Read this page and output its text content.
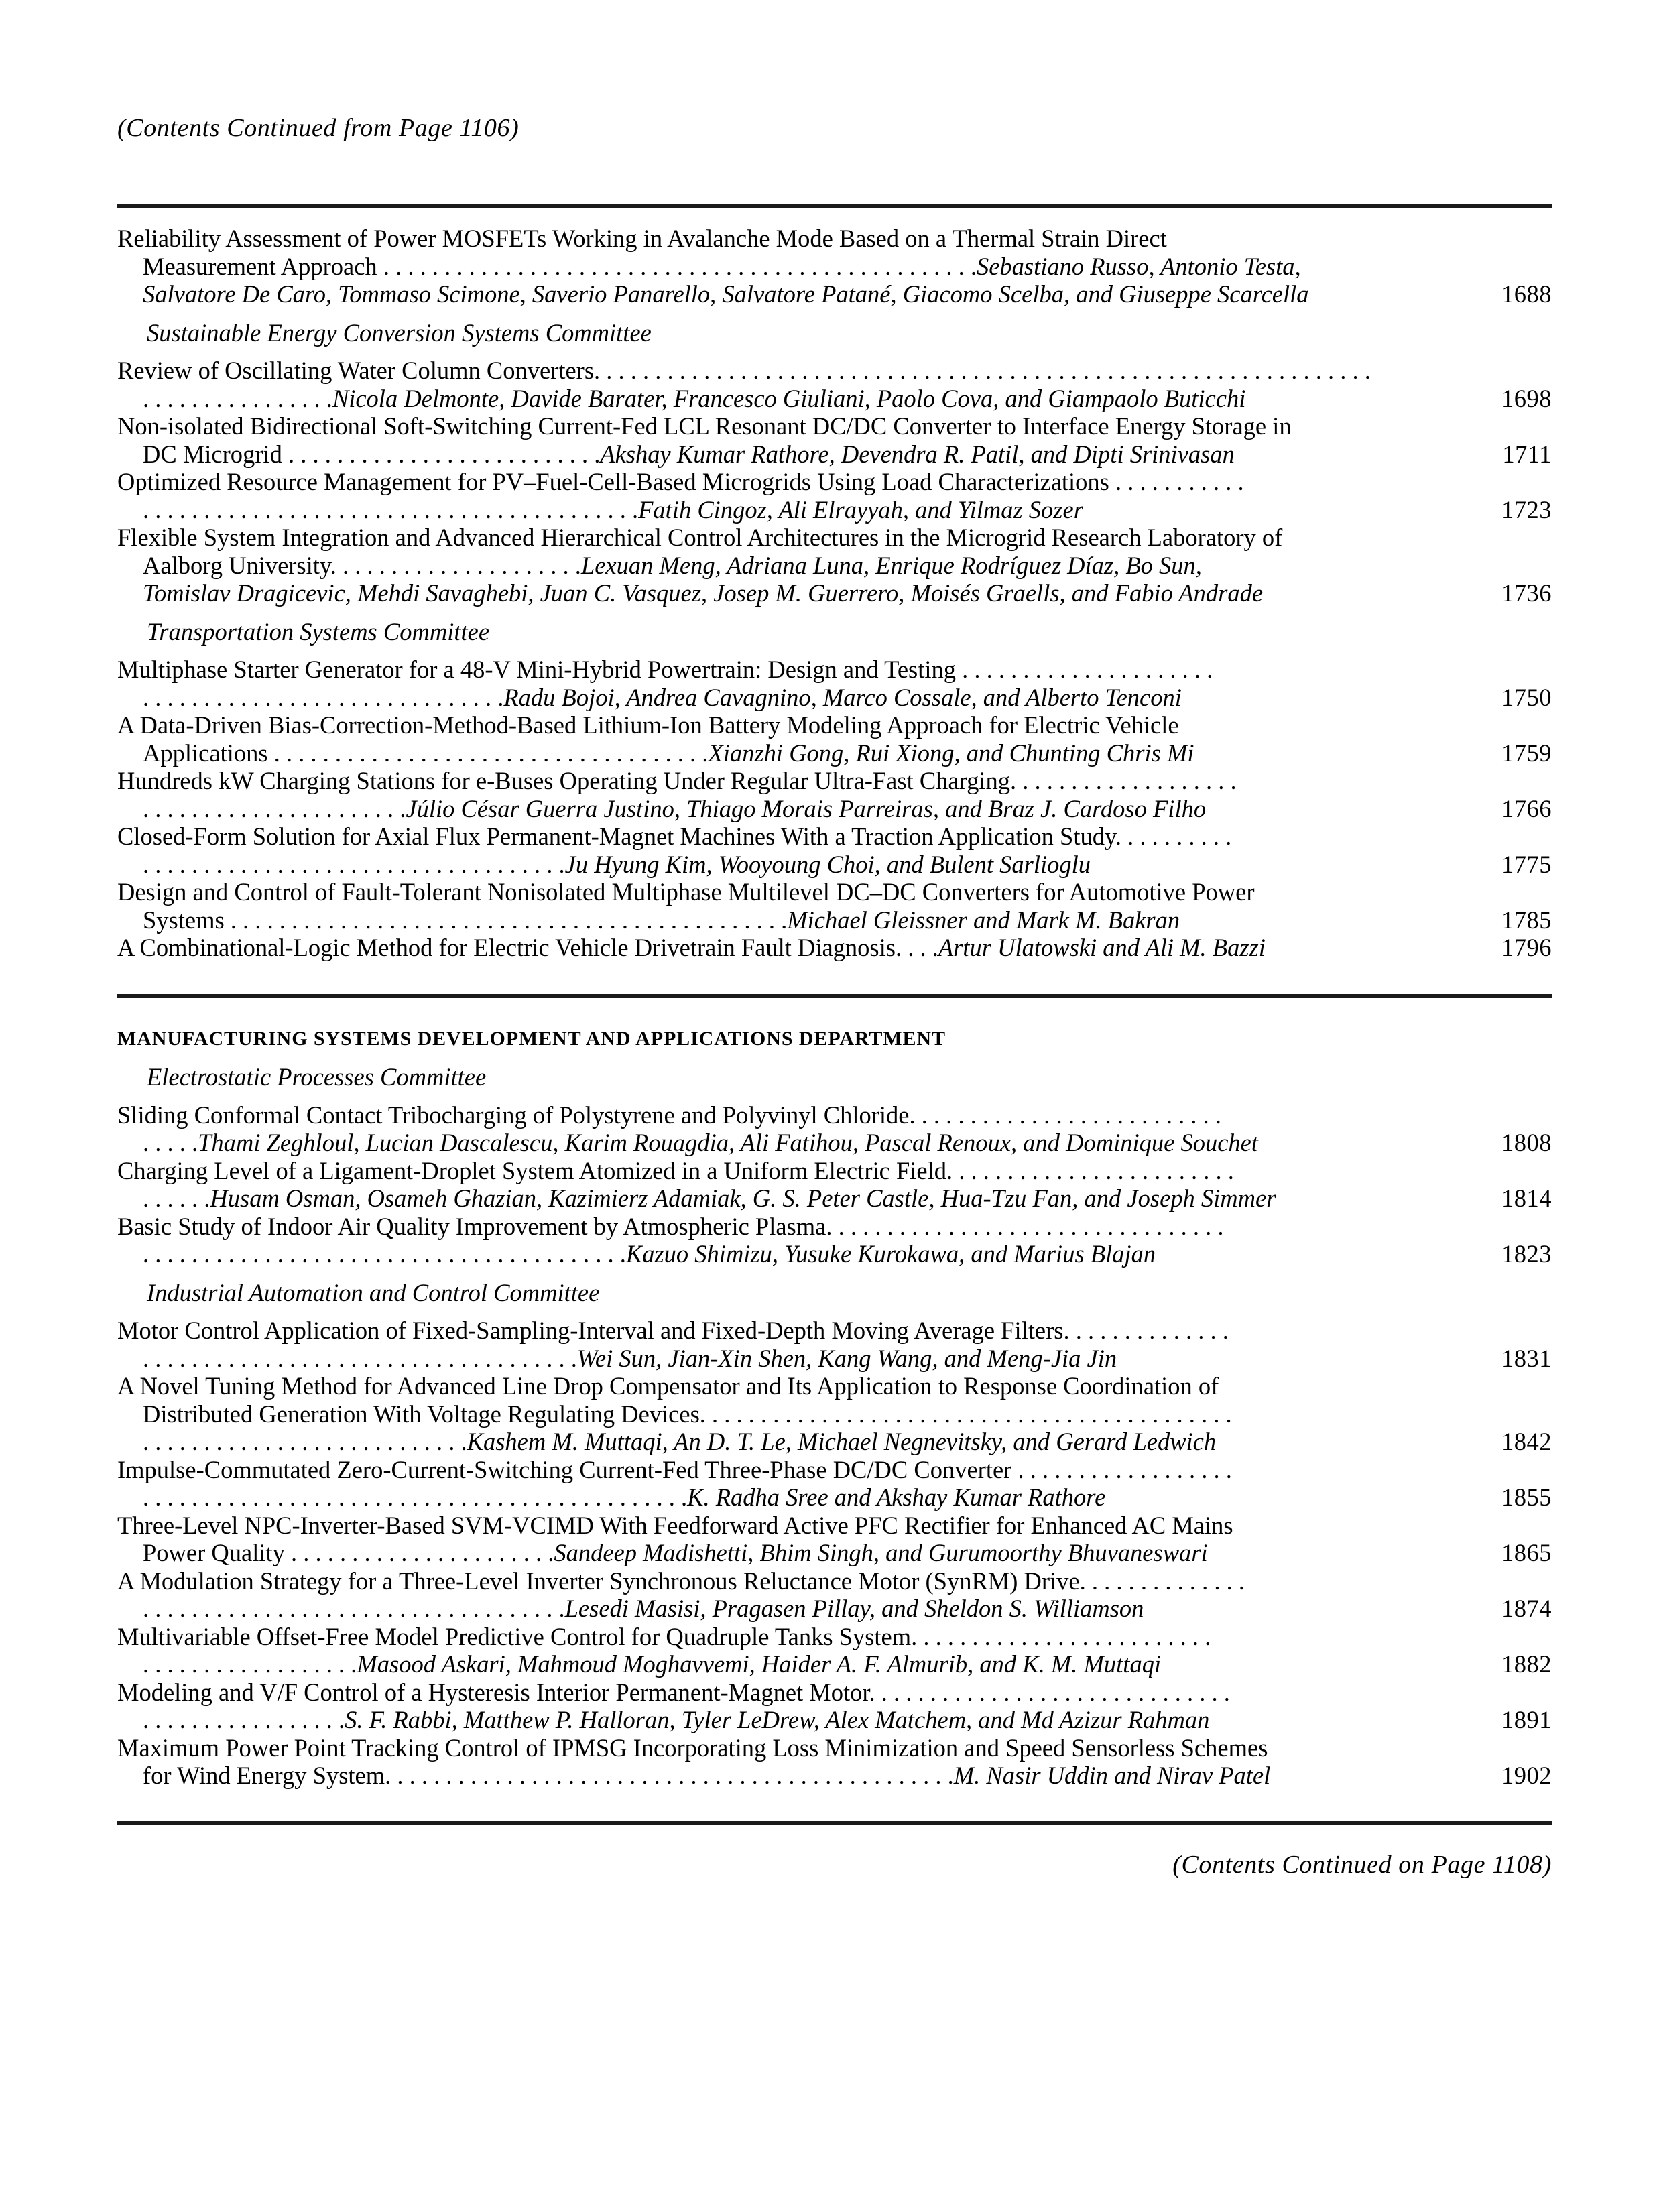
(Contents Continued from Page 1106)
Reliability Assessment of Power MOSFETs Working in Avalanche Mode Based on a Thermal Strain Direct
Measurement Approach . . . . . . . . . . . . . . . . . . . . . . . . . . . . . . . . . . . . . . . . . . . . . . . . .Sebastiano Russo, Antonio Testa,
Salvatore De Caro, Tommaso Scimone, Saverio Panarello, Salvatore Patané, Giacomo Scelba, and Giuseppe Scarcella	1688
Sustainable Energy Conversion Systems Committee
Review of Oscillating Water Column Converters. . . . . . . . . . . . . . . . . . . . . . . . . . . . . . . . . . . . . . . . . . . . . . . . . . . . . . . . . . . . . . . .
. . . . . . . . . . . . . . . .Nicola Delmonte, Davide Barater, Francesco Giuliani, Paolo Cova, and Giampaolo Buticchi	1698
Non-isolated Bidirectional Soft-Switching Current-Fed LCL Resonant DC/DC Converter to Interface Energy Storage in
DC Microgrid . . . . . . . . . . . . . . . . . . . . . . . . . .Akshay Kumar Rathore, Devendra R. Patil, and Dipti Srinivasan	1711
Optimized Resource Management for PV–Fuel-Cell-Based Microgrids Using Load Characterizations . . . . . . . . . . .
. . . . . . . . . . . . . . . . . . . . . . . . . . . . . . . . . . . . . . . . .Fatih Cingoz, Ali Elrayyah, and Yilmaz Sozer	1723
Flexible System Integration and Advanced Hierarchical Control Architectures in the Microgrid Research Laboratory of
Aalborg University. . . . . . . . . . . . . . . . . . . . .Lexuan Meng, Adriana Luna, Enrique Rodríguez Díaz, Bo Sun,
Tomislav Dragicevic, Mehdi Savaghebi, Juan C. Vasquez, Josep M. Guerrero, Moisés Graells, and Fabio Andrade	1736
Transportation Systems Committee
Multiphase Starter Generator for a 48-V Mini-Hybrid Powertrain: Design and Testing . . . . . . . . . . . . . . . . . . . . .
. . . . . . . . . . . . . . . . . . . . . . . . . . . . . .Radu Bojoi, Andrea Cavagnino, Marco Cossale, and Alberto Tenconi	1750
A Data-Driven Bias-Correction-Method-Based Lithium-Ion Battery Modeling Approach for Electric Vehicle
Applications . . . . . . . . . . . . . . . . . . . . . . . . . . . . . . . . . . . .Xianzhi Gong, Rui Xiong, and Chunting Chris Mi	1759
Hundreds kW Charging Stations for e-Buses Operating Under Regular Ultra-Fast Charging. . . . . . . . . . . . . . . . . . .
. . . . . . . . . . . . . . . . . . . . . .Júlio César Guerra Justino, Thiago Morais Parreiras, and Braz J. Cardoso Filho	1766
Closed-Form Solution for Axial Flux Permanent-Magnet Machines With a Traction Application Study. . . . . . . . . .
. . . . . . . . . . . . . . . . . . . . . . . . . . . . . . . . . . .Ju Hyung Kim, Wooyoung Choi, and Bulent Sarlioglu	1775
Design and Control of Fault-Tolerant Nonisolated Multiphase Multilevel DC–DC Converters for Automotive Power
Systems . . . . . . . . . . . . . . . . . . . . . . . . . . . . . . . . . . . . . . . . . . . . . .Michael Gleissner and Mark M. Bakran	1785
A Combinational-Logic Method for Electric Vehicle Drivetrain Fault Diagnosis. . . .Artur Ulatowski and Ali M. Bazzi	1796
MANUFACTURING SYSTEMS DEVELOPMENT AND APPLICATIONS DEPARTMENT
Electrostatic Processes Committee
Sliding Conformal Contact Tribocharging of Polystyrene and Polyvinyl Chloride. . . . . . . . . . . . . . . . . . . . . . . . . .
. . . . .Thami Zeghloul, Lucian Dascalescu, Karim Rouagdia, Ali Fatihou, Pascal Renoux, and Dominique Souchet	1808
Charging Level of a Ligament-Droplet System Atomized in a Uniform Electric Field. . . . . . . . . . . . . . . . . . . . . . . .
. . . . . .Husam Osman, Osameh Ghazian, Kazimierz Adamiak, G. S. Peter Castle, Hua-Tzu Fan, and Joseph Simmer	1814
Basic Study of Indoor Air Quality Improvement by Atmospheric Plasma. . . . . . . . . . . . . . . . . . . . . . . . . . . . . . . . .
. . . . . . . . . . . . . . . . . . . . . . . . . . . . . . . . . . . . . . . .Kazuo Shimizu, Yusuke Kurokawa, and Marius Blajan	1823
Industrial Automation and Control Committee
Motor Control Application of Fixed-Sampling-Interval and Fixed-Depth Moving Average Filters. . . . . . . . . . . . . .
. . . . . . . . . . . . . . . . . . . . . . . . . . . . . . . . . . . .Wei Sun, Jian-Xin Shen, Kang Wang, and Meng-Jia Jin	1831
A Novel Tuning Method for Advanced Line Drop Compensator and Its Application to Response Coordination of
Distributed Generation With Voltage Regulating Devices. . . . . . . . . . . . . . . . . . . . . . . . . . . . . . . . . . . . . . . . . . . .
. . . . . . . . . . . . . . . . . . . . . . . . . . .Kashem M. Muttaqi, An D. T. Le, Michael Negnevitsky, and Gerard Ledwich	1842
Impulse-Commutated Zero-Current-Switching Current-Fed Three-Phase DC/DC Converter . . . . . . . . . . . . . . . . . .
. . . . . . . . . . . . . . . . . . . . . . . . . . . . . . . . . . . . . . . . . . . . .K. Radha Sree and Akshay Kumar Rathore	1855
Three-Level NPC-Inverter-Based SVM-VCIMD With Feedforward Active PFC Rectifier for Enhanced AC Mains
Power Quality . . . . . . . . . . . . . . . . . . . . . .Sandeep Madishetti, Bhim Singh, and Gurumoorthy Bhuvaneswari	1865
A Modulation Strategy for a Three-Level Inverter Synchronous Reluctance Motor (SynRM) Drive. . . . . . . . . . . . . .
. . . . . . . . . . . . . . . . . . . . . . . . . . . . . . . . . . .Lesedi Masisi, Pragasen Pillay, and Sheldon S. Williamson	1874
Multivariable Offset-Free Model Predictive Control for Quadruple Tanks System. . . . . . . . . . . . . . . . . . . . . . . . .
. . . . . . . . . . . . . . . . . .Masood Askari, Mahmoud Moghavvemi, Haider A. F. Almurib, and K. M. Muttaqi	1882
Modeling and V/F Control of a Hysteresis Interior Permanent-Magnet Motor. . . . . . . . . . . . . . . . . . . . . . . . . . . . . .
. . . . . . . . . . . . . . . . .S. F. Rabbi, Matthew P. Halloran, Tyler LeDrew, Alex Matchem, and Md Azizur Rahman	1891
Maximum Power Point Tracking Control of IPMSG Incorporating Loss Minimization and Speed Sensorless Schemes
for Wind Energy System. . . . . . . . . . . . . . . . . . . . . . . . . . . . . . . . . . . . . . . . . . . . . . .M. Nasir Uddin and Nirav Patel	1902
(Contents Continued on Page 1108)
